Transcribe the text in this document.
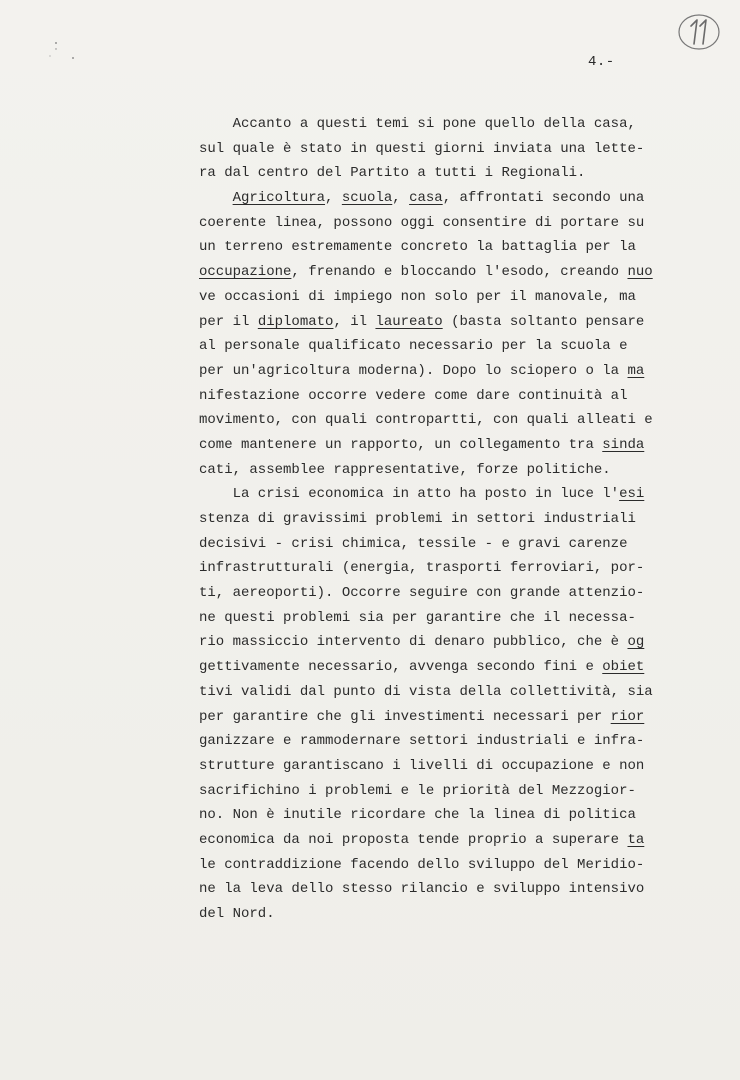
4.-
Accanto a questi temi si pone quello della casa,
sul quale è stato in questi giorni inviata una lette-
ra dal centro del Partito a tutti i Regionali.
Agricoltura, scuola, casa, affrontati secondo una
coerente linea, possono oggi consentire di portare su
un terreno estremamente concreto la battaglia per la
occupazione, frenando e bloccando l'esodo, creando nuo
ve occasioni di impiego non solo per il manovale, ma
per il diplomato, il laureato (basta soltanto pensare
al personale qualificato necessario per la scuola e
per un'agricoltura moderna). Dopo lo sciopero o la ma
nifestazione occorre vedere come dare continuità al
movimento, con quali contropartti, con quali alleati e
come mantenere un rapporto, un collegamento tra sinda
cati, assemblee rappresentative, forze politiche.
La crisi economica in atto ha posto in luce l'esi
stenza di gravissimi problemi in settori industriali
decisivi - crisi chimica, tessile - e gravi carenze
infrastrutturali (energia, trasporti ferroviari, por-
ti, aereoporti). Occorre seguire con grande attenzio-
ne questi problemi sia per garantire che il necessa-
rio massiccio intervento di denaro pubblico, che è og
gettivamente necessario, avvenga secondo fini e obiet
tivi validi dal punto di vista della collettività, sia
per garantire che gli investimenti necessari per rior
ganizzare e rammodernare settori industriali e infra-
strutture garantiscano i livelli di occupazione e non
sacrifichino i problemi e le priorità del Mezzogior-
no. Non è inutile ricordare che la linea di politica
economica da noi proposta tende proprio a superare ta
le contraddizione facendo dello sviluppo del Meridio-
ne la leva dello stesso rilancio e sviluppo intensivo
del Nord.
